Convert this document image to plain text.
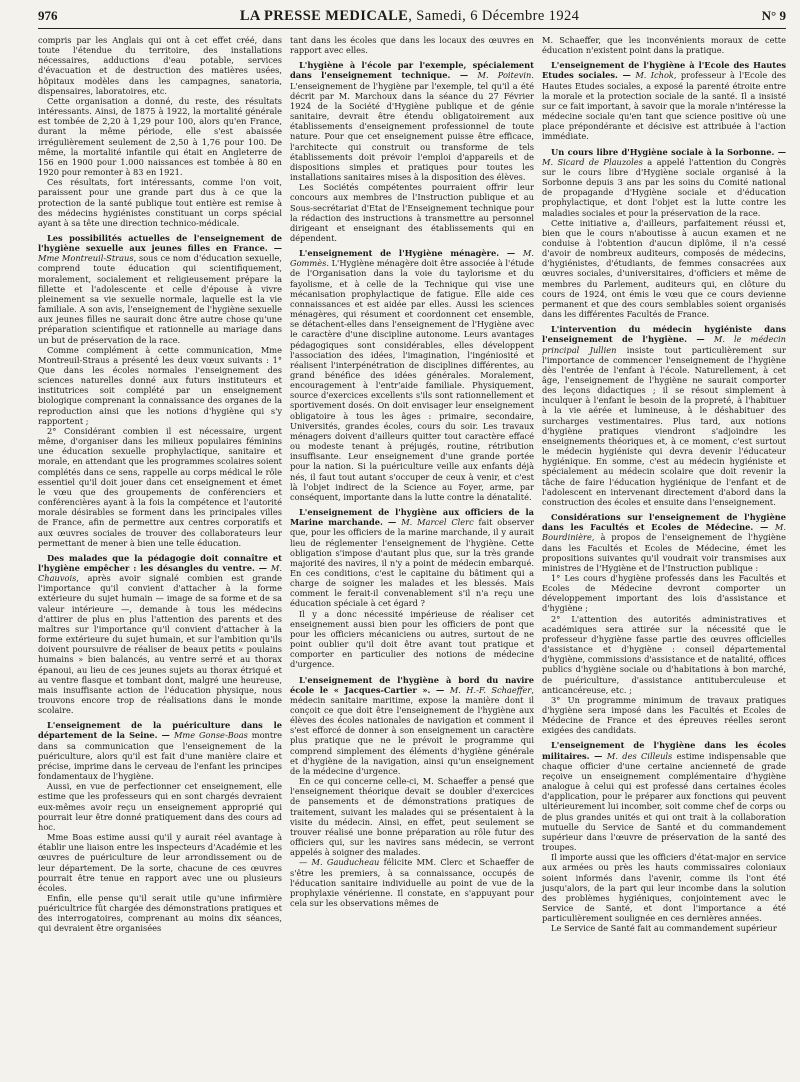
976	LA PRESSE MEDICALE, Samedi, 6 Décembre 1924	N° 9

compris par les Anglais qui ont à cet effet créé, dans toute l'étendue du territoire, des installations nécessaires, adductions d'eau potable, services d'évacuation et de destruction des matières usées, hôpitaux modèles dans les campagnes, sanatoria, dispensaires, laboratoires, etc.

Cette organisation a donné, du reste, des résultats intéressants. Ainsi, de 1875 à 1922, la mortalité générale est tombée de 2,20 à 1,29 pour 100, alors qu'en France, durant la même période, elle s'est abaissée irrégulièrement seulement de 2,50 à 1,76 pour 100. De même, la mortalité infantile qui était en Angleterre de 156 en 1900 pour 1.000 naissances est tombée à 80 en 1920 pour remonter à 83 en 1921.

Ces résultats, fort intéressants, comme l'on voit, paraissent pour une grande part dus à ce que la protection de la santé publique tout entière est remise à des médecins hygiénistes constituant un corps spécial ayant à sa tête une direction technico-médicale.

Les possibilités actuelles de l'enseignement de l'hygiène sexuelle aux jeunes filles en France. — Mme Montreuil-Straus, sous ce nom d'éducation sexuelle, comprend toute éducation qui scientifiquement, moralement, socialement et religieusement prépare la fillette et l'adolescente et celle d'épouse à vivre pleinement sa vie sexuelle normale, laquelle est la vie familiale. A son avis, l'enseignement de l'hygiène sexuelle aux jeunes filles ne saurait donc être autre chose qu'une préparation scientifique et rationnelle au mariage dans un but de préservation de la race.

Comme complément à cette communication, Mme Montreuil-Straus a présenté les deux vœux suivants : 1° Que dans les écoles normales l'enseignement des sciences naturelles donné aux futurs instituteurs et institutrices soit complété par un enseignement biologique comprenant la connaissance des organes de la reproduction ainsi que les notions d'hygiène qui s'y rapportent ;

2° Considérant combien il est nécessaire, urgent même, d'organiser dans les milieux populaires féminins une éducation sexuelle prophylactique, sanitaire et morale, en attendant que les programmes scolaires soient complétés dans ce sens, rappelle au corps médical le rôle essentiel qu'il doit jouer dans cet enseignement et émet le vœu que des groupements de conférenciers et conférencières ayant à la fois la compétence et l'autorité morale désirables se forment dans les principales villes de France, afin de permettre aux centres corporatifs et aux œuvres sociales de trouver des collaborateurs leur permettant de mener à bien une telle éducation.

Des malades que la pédagogie doit connaître et l'hygiène empêcher : les désangles du ventre. — M. Chauvois, après avoir signalé combien est grande l'importance qu'il convient d'attacher à la forme extérieure du sujet humain — image de sa forme et de sa valeur intérieure —, demande à tous les médecins d'attirer de plus en plus l'attention des parents et des maîtres sur l'importance qu'il convient d'attacher à la forme extérieure du sujet humain, et sur l'ambition qu'ils doivent poursuivre de réaliser de beaux petits « poulains humains » bien balancés, au ventre serré et au thorax épanoui, au lieu de ces jeunes sujets au thorax étriqué et au ventre flasque et tombant dont, malgré une heureuse, mais insuffisante action de l'éducation physique, nous trouvons encore trop de réalisations dans le monde scolaire.

L'enseignement de la puériculture dans le département de la Seine. — Mme Gonse-Boas montre dans sa communication que l'enseignement de la puériculture, alors qu'il est fait d'une manière claire et précise, imprime dans le cerveau de l'enfant les principes fondamentaux de l'hygiène.

Aussi, en vue de perfectionner cet enseignement, elle estime que les professeurs qui en sont chargés devraient eux-mêmes avoir reçu un enseignement approprié qui pourrait leur être donné pratiquement dans des cours ad hoc.

Mme Boas estime aussi qu'il y aurait réel avantage à établir une liaison entre les inspecteurs d'Académie et les œuvres de puériculture de leur arrondissement ou de leur département. De la sorte, chacune de ces œuvres pourrait être tenue en rapport avec une ou plusieurs écoles.

Enfin, elle pense qu'il serait utile qu'une infirmière puéricultrice fût chargée des démonstrations pratiques et des interrogatoires, comprenant au moins dix séances, qui devraient être organisées

tant dans les écoles que dans les locaux des œuvres en rapport avec elles.

L'hygiène à l'école par l'exemple, spécialement dans l'enseignement technique. — M. Poitevin. L'enseignement de l'hygiène par l'exemple, tel qu'il a été décrit par M. Marchoux dans la séance du 27 Février 1924 de la Société d'Hygiène publique et de génie sanitaire, devrait être étendu obligatoirement aux établissements d'enseignement professionnel de toute nature. Pour que cet enseignement puisse être efficace, l'architecte qui construit ou transforme de tels établissements doit prévoir l'emploi d'appareils et de dispositions simples et pratiques pour toutes les installations sanitaires mises à la disposition des élèves.

Les Sociétés compétentes pourraient offrir leur concours aux membres de l'Instruction publique et au Sous-secrétariat d'Etat de l'Enseignement technique pour la rédaction des instructions à transmettre au personnel dirigeant et enseignant des établissements qui en dépendent.

L'enseignement de l'Hygiène ménagère. — M. Gommès. L'Hygiène ménagère doit être associée à l'étude de l'Organisation dans la voie du taylorisme et du fayolisme, et à celle de la Technique qui vise une mécanisation prophylactique de fatigue. Elle aide ces connaissances et est aidée par elles. Aussi les sciences ménagères, qui résument et coordonnent cet ensemble, se détachent-elles dans l'enseignement de l'Hygiène avec le caractère d'une discipline autonome. Leurs avantages pédagogiques sont considérables, elles développent l'association des idées, l'imagination, l'ingéniosité et réalisent l'interpénétration de disciplines différentes, au grand bénéfice des idées générales. Moralement, encouragement à l'entr'aide familiale. Physiquement, source d'exercices excellents s'ils sont rationnellement et sportivement dosés. On doit envisager leur enseignement obligatoire à tous les âges : primaire, secondaire, Universités, grandes écoles, cours du soir. Les travaux ménagers doivent d'ailleurs quitter tout caractère effacé ou modeste tenant à préjugés, routine, rétribution insuffisante. Leur enseignement d'une grande portée pour la nation. Si la puériculture veille aux enfants déjà nés, il faut tout autant s'occuper de ceux à venir, et c'est là l'objet indirect de la Science au Foyer, arme, par conséquent, importante dans la lutte contre la dénatalité.

L'enseignement de l'hygiène aux officiers de la Marine marchande. — M. Marcel Clerc fait observer que, pour les officiers de la marine marchande, il y aurait lieu de réglementer l'enseignement de l'hygiène. Cette obligation s'impose d'autant plus que, sur la très grande majorité des navires, il n'y a point de médecin embarqué. En ces conditions, c'est le capitaine du bâtiment qui a charge de soigner les malades et les blessés. Mais comment le ferait-il convenablement s'il n'a reçu une éducation spéciale à cet égard ?

Il y a donc nécessité impérieuse de réaliser cet enseignement aussi bien pour les officiers de pont que pour les officiers mécaniciens ou autres, surtout de ne point oublier qu'il doit être avant tout pratique et comporter en particulier des notions de médecine d'urgence.

L'enseignement de l'hygiène à bord du navire école le « Jacques-Cartier ». — M. H.-F. Schaeffer, médecin sanitaire maritime, expose la manière dont il conçoit ce que doit être l'enseignement de l'hygiène aux élèves des écoles nationales de navigation et comment il s'est efforcé de donner à son enseignement un caractère plus pratique que ne le prévoit le programme qui comprend simplement des éléments d'hygiène générale et d'hygiène de la navigation, ainsi qu'un enseignement de la médecine d'urgence.

En ce qui concerne celle-ci, M. Schaeffer a pensé que l'enseignement théorique devait se doubler d'exercices de pansements et de démonstrations pratiques de traitement, suivant les malades qui se présentaient à la visite du médecin. Ainsi, en effet, peut seulement se trouver réalisé une bonne préparation au rôle futur des officiers qui, sur les navires sans médecin, se verront appelés à soigner des malades.

— M. Gauducheau félicite MM. Clerc et Schaeffer de s'être les premiers, à sa connaissance, occupés de l'éducation sanitaire individuelle au point de vue de la prophylaxie vénérienne. Il constate, en s'appuyant pour cela sur les observations mêmes de

M. Schaeffer, que les inconvénients moraux de cette éducation n'existent point dans la pratique.

L'enseignement de l'hygiène à l'Ecole des Hautes Etudes sociales. — M. Ichok, professeur à l'Ecole des Hautes Etudes sociales, a exposé la parenté étroite entre la morale et la protection sociale de la santé. Il a insisté sur ce fait important, à savoir que la morale n'intéresse la médecine sociale qu'en tant que science positive où une place prépondérante et décisive est attribuée à l'action immédiate.

Un cours libre d'Hygiène sociale à la Sorbonne. — M. Sicard de Plauzoles a appelé l'attention du Congrès sur le cours libre d'Hygiène sociale organisé à la Sorbonne depuis 3 ans par les soins du Comité national de propagande d'Hygiène sociale et d'éducation prophylactique, et dont l'objet est la lutte contre les maladies sociales et pour la préservation de la race.

Cette initiative a, d'ailleurs, parfaitement réussi et, bien que le cours n'aboutisse à aucun examen et ne conduise à l'obtention d'aucun diplôme, il n'a cessé d'avoir de nombreux auditeurs, composés de médecins, d'hygiénistes, d'étudiants, de femmes consacrées aux œuvres sociales, d'universitaires, d'officiers et même de membres du Parlement, auditeurs qui, en clôture du cours de 1924, ont émis le vœu que ce cours devienne permanent et que des cours semblables soient organisés dans les différentes Facultés de France.

L'intervention du médecin hygiéniste dans l'enseignement de l'hygiène. — M. le médecin principal Jullien insiste tout particulièrement sur l'importance de commencer l'enseignement de l'hygiène dès l'entrée de l'enfant à l'école. Naturellement, à cet âge, l'enseignement de l'hygiène ne saurait comporter des leçons didactiques ; il se résout simplement à inculquer à l'enfant le besoin de la propreté, à l'habituer à la vie aérée et lumineuse, à le déshabituer des surcharges vestimentaires. Plus tard, aux notions d'hygiène pratiques viendront s'adjoindre les enseignements théoriques et, à ce moment, c'est surtout le médecin hygiéniste qui devra devenir l'éducateur hygiénique. En somme, c'est au médecin hygiéniste et spécialement au médecin scolaire que doit revenir la tâche de faire l'éducation hygiénique de l'enfant et de l'adolescent en intervenant directement d'abord dans la construction des écoles et ensuite dans l'enseignement.

Considérations sur l'enseignement de l'hygiène dans les Facultés et Ecoles de Médecine. — M. Bourdinière, à propos de l'enseignement de l'hygiène dans les Facultés et Ecoles de Médecine, émet les propositions suivantes qu'il voudrait voir transmises aux ministres de l'Hygiène et de l'Instruction publique :

1° Les cours d'hygiène professés dans les Facultés et Ecoles de Médecine devront comporter un développement important des lois d'assistance et d'hygiène ;

2° L'attention des autorités administratives et académiques sera attirée sur la nécessité que le professeur d'hygiène fasse partie des œuvres officielles d'assistance et d'hygiène : conseil départemental d'hygiène, commissions d'assistance et de natalité, offices publics d'hygiène sociale ou d'habitations à bon marché, de puériculture, d'assistance antituberculeuse et anticancéreuse, etc. ;

3° Un programme minimum de travaux pratiques d'hygiène sera imposé dans les Facultés et Ecoles de Médecine de France et des épreuves réelles seront exigées des candidats.

L'enseignement de l'hygiène dans les écoles militaires. — M. des Cilleuls estime indispensable que chaque officier d'une certaine ancienneté de grade reçoive un enseignement complémentaire d'hygiène analogue à celui qui est professé dans certaines écoles d'application, pour le préparer aux fonctions qui peuvent ultérieurement lui incomber, soit comme chef de corps ou de plus grandes unités et qui ont trait à la collaboration mutuelle du Service de Santé et du commandement supérieur dans l'œuvre de préservation de la santé des troupes.

Il importe aussi que les officiers d'état-major en service aux armées ou près les hauts commissaires coloniaux soient informés dans l'avenir, comme ils l'ont été jusqu'alors, de la part qui leur incombe dans la solution des problèmes hygiéniques, conjointement avec le Service de Santé, et dont l'importance a été particulièrement soulignée en ces dernières années.

Le Service de Santé fait au commandement supérieur
